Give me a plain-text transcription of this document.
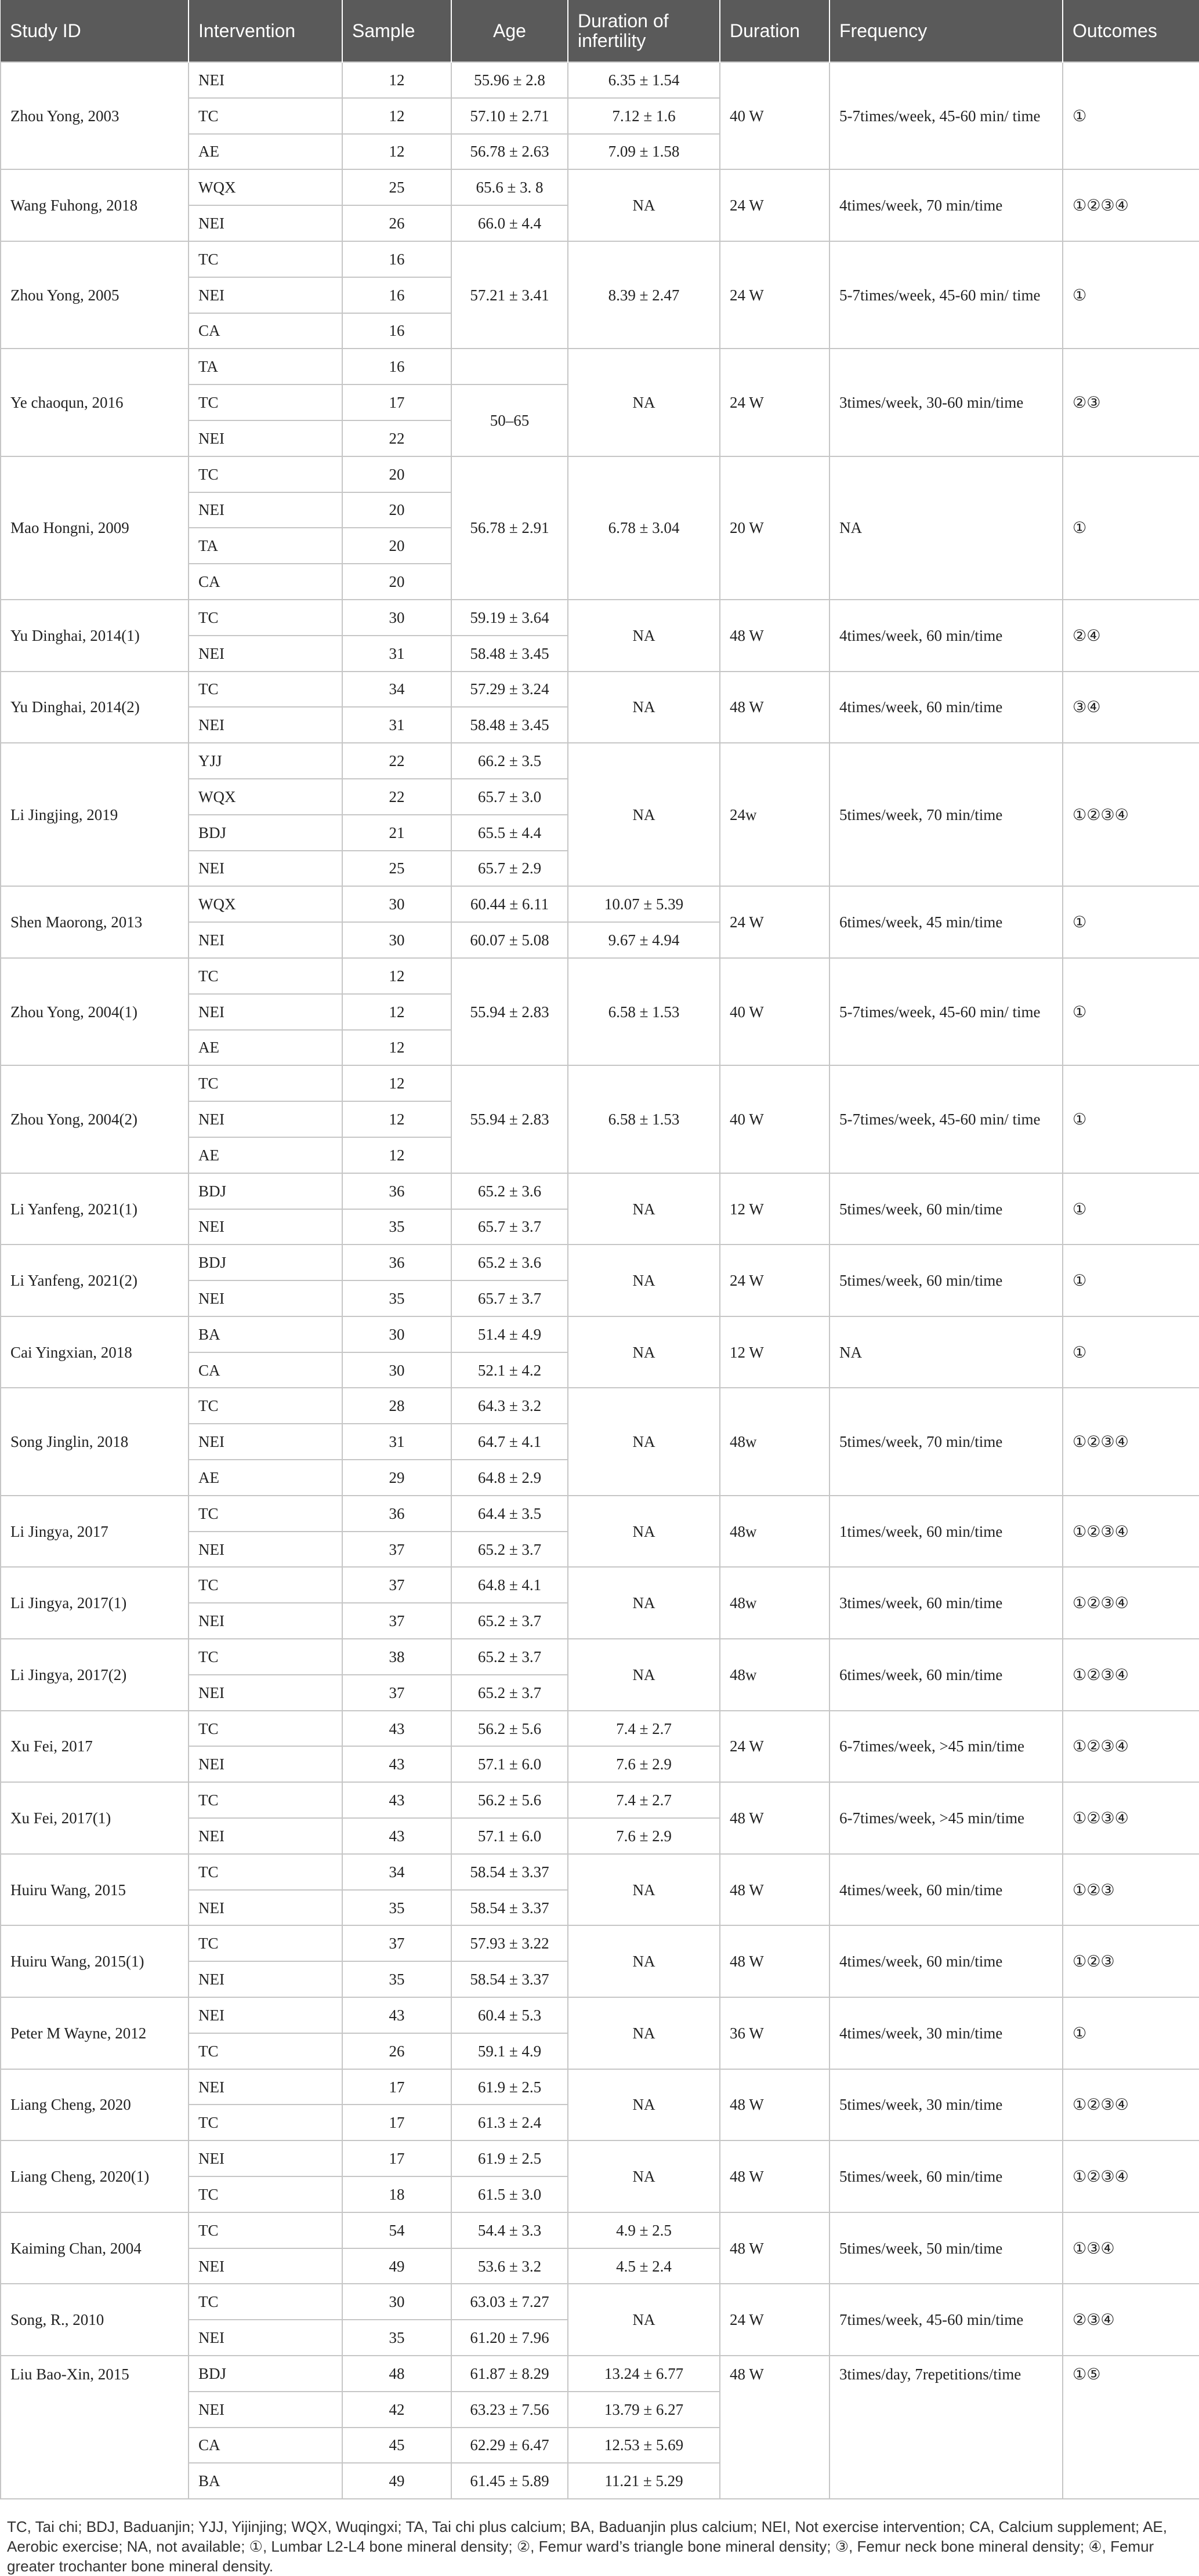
Study ID	Intervention	Sample	Age	Duration of infertility	Duration	Frequency	Outcomes
Zhou Yong, 2003	NEI	12	55.96 ± 2.8	6.35 ± 1.54	40 W	5-7times/week, 45-60 min/ time	①
	TC	12	57.10 ± 2.71	7.12 ± 1.6			
	AE	12	56.78 ± 2.63	7.09 ± 1.58			
Wang Fuhong, 2018	WQX	25	65.6 ± 3. 8	NA	24 W	4times/week, 70 min/time	①②③④
	NEI	26	66.0 ± 4.4				
Zhou Yong, 2005	TC	16	57.21 ± 3.41	8.39 ± 2.47	24 W	5-7times/week, 45-60 min/ time	①
	NEI	16					
	CA	16					
Ye chaoqun, 2016	TA	16		NA	24 W	3times/week, 30-60 min/time	②③
	TC	17	50–65				
	NEI	22					
Mao Hongni, 2009	TC	20	56.78 ± 2.91	6.78 ± 3.04	20 W	NA	①
	NEI	20					
	TA	20					
	CA	20					
Yu Dinghai, 2014(1)	TC	30	59.19 ± 3.64	NA	48 W	4times/week, 60 min/time	②④
	NEI	31	58.48 ± 3.45				
Yu Dinghai, 2014(2)	TC	34	57.29 ± 3.24	NA	48 W	4times/week, 60 min/time	③④
	NEI	31	58.48 ± 3.45				
Li Jingjing, 2019	YJJ	22	66.2 ± 3.5	NA	24w	5times/week, 70 min/time	①②③④
	WQX	22	65.7 ± 3.0				
	BDJ	21	65.5 ± 4.4				
	NEI	25	65.7 ± 2.9				
Shen Maorong, 2013	WQX	30	60.44 ± 6.11	10.07 ± 5.39	24 W	6times/week, 45 min/time	①
	NEI	30	60.07 ± 5.08	9.67 ± 4.94			
Zhou Yong, 2004(1)	TC	12	55.94 ± 2.83	6.58 ± 1.53	40 W	5-7times/week, 45-60 min/ time	①
	NEI	12					
	AE	12					
Zhou Yong, 2004(2)	TC	12	55.94 ± 2.83	6.58 ± 1.53	40 W	5-7times/week, 45-60 min/ time	①
	NEI	12					
	AE	12					
Li Yanfeng, 2021(1)	BDJ	36	65.2 ± 3.6	NA	12 W	5times/week, 60 min/time	①
	NEI	35	65.7 ± 3.7				
Li Yanfeng, 2021(2)	BDJ	36	65.2 ± 3.6	NA	24 W	5times/week, 60 min/time	①
	NEI	35	65.7 ± 3.7				
Cai Yingxian, 2018	BA	30	51.4 ± 4.9	NA	12 W	NA	①
	CA	30	52.1 ± 4.2				
Song Jinglin, 2018	TC	28	64.3 ± 3.2	NA	48w	5times/week, 70 min/time	①②③④
	NEI	31	64.7 ± 4.1				
	AE	29	64.8 ± 2.9				
Li Jingya, 2017	TC	36	64.4 ± 3.5	NA	48w	1times/week, 60 min/time	①②③④
	NEI	37	65.2 ± 3.7				
Li Jingya, 2017(1)	TC	37	64.8 ± 4.1	NA	48w	3times/week, 60 min/time	①②③④
	NEI	37	65.2 ± 3.7				
Li Jingya, 2017(2)	TC	38	65.2 ± 3.7	NA	48w	6times/week, 60 min/time	①②③④
	NEI	37	65.2 ± 3.7				
Xu Fei, 2017	TC	43	56.2 ± 5.6	7.4 ± 2.7	24 W	6-7times/week, >45 min/time	①②③④
	NEI	43	57.1 ± 6.0	7.6 ± 2.9			
Xu Fei, 2017(1)	TC	43	56.2 ± 5.6	7.4 ± 2.7	48 W	6-7times/week, >45 min/time	①②③④
	NEI	43	57.1 ± 6.0	7.6 ± 2.9			
Huiru Wang, 2015	TC	34	58.54 ± 3.37	NA	48 W	4times/week, 60 min/time	①②③
	NEI	35	58.54 ± 3.37				
Huiru Wang, 2015(1)	TC	37	57.93 ± 3.22	NA	48 W	4times/week, 60 min/time	①②③
	NEI	35	58.54 ± 3.37				
Peter M Wayne, 2012	NEI	43	60.4 ± 5.3	NA	36 W	4times/week, 30 min/time	①
	TC	26	59.1 ± 4.9				
Liang Cheng, 2020	NEI	17	61.9 ± 2.5	NA	48 W	5times/week, 30 min/time	①②③④
	TC	17	61.3 ± 2.4				
Liang Cheng, 2020(1)	NEI	17	61.9 ± 2.5	NA	48 W	5times/week, 60 min/time	①②③④
	TC	18	61.5 ± 3.0				
Kaiming Chan, 2004	TC	54	54.4 ± 3.3	4.9 ± 2.5	48 W	5times/week, 50 min/time	①③④
	NEI	49	53.6 ± 3.2	4.5 ± 2.4			
Song, R., 2010	TC	30	63.03 ± 7.27	NA	24 W	7times/week, 45-60 min/time	②③④
	NEI	35	61.20 ± 7.96				
Liu Bao-Xin, 2015	BDJ	48	61.87 ± 8.29	13.24 ± 6.77	48 W	3times/day, 7repetitions/time	①⑤
	NEI	42	63.23 ± 7.56	13.79 ± 6.27			
	CA	45	62.29 ± 6.47	12.53 ± 5.69			
	BA	49	61.45 ± 5.89	11.21 ± 5.29			
TC, Tai chi; BDJ, Baduanjin; YJJ, Yijinjing; WQX, Wuqingxi; TA, Tai chi plus calcium; BA, Baduanjin plus calcium; NEI, Not exercise intervention; CA, Calcium supplement; AE, Aerobic exercise; NA, not available; ①, Lumbar L2-L4 bone mineral density; ②, Femur ward’s triangle bone mineral density; ③, Femur neck bone mineral density; ④, Femur greater trochanter bone mineral density.
